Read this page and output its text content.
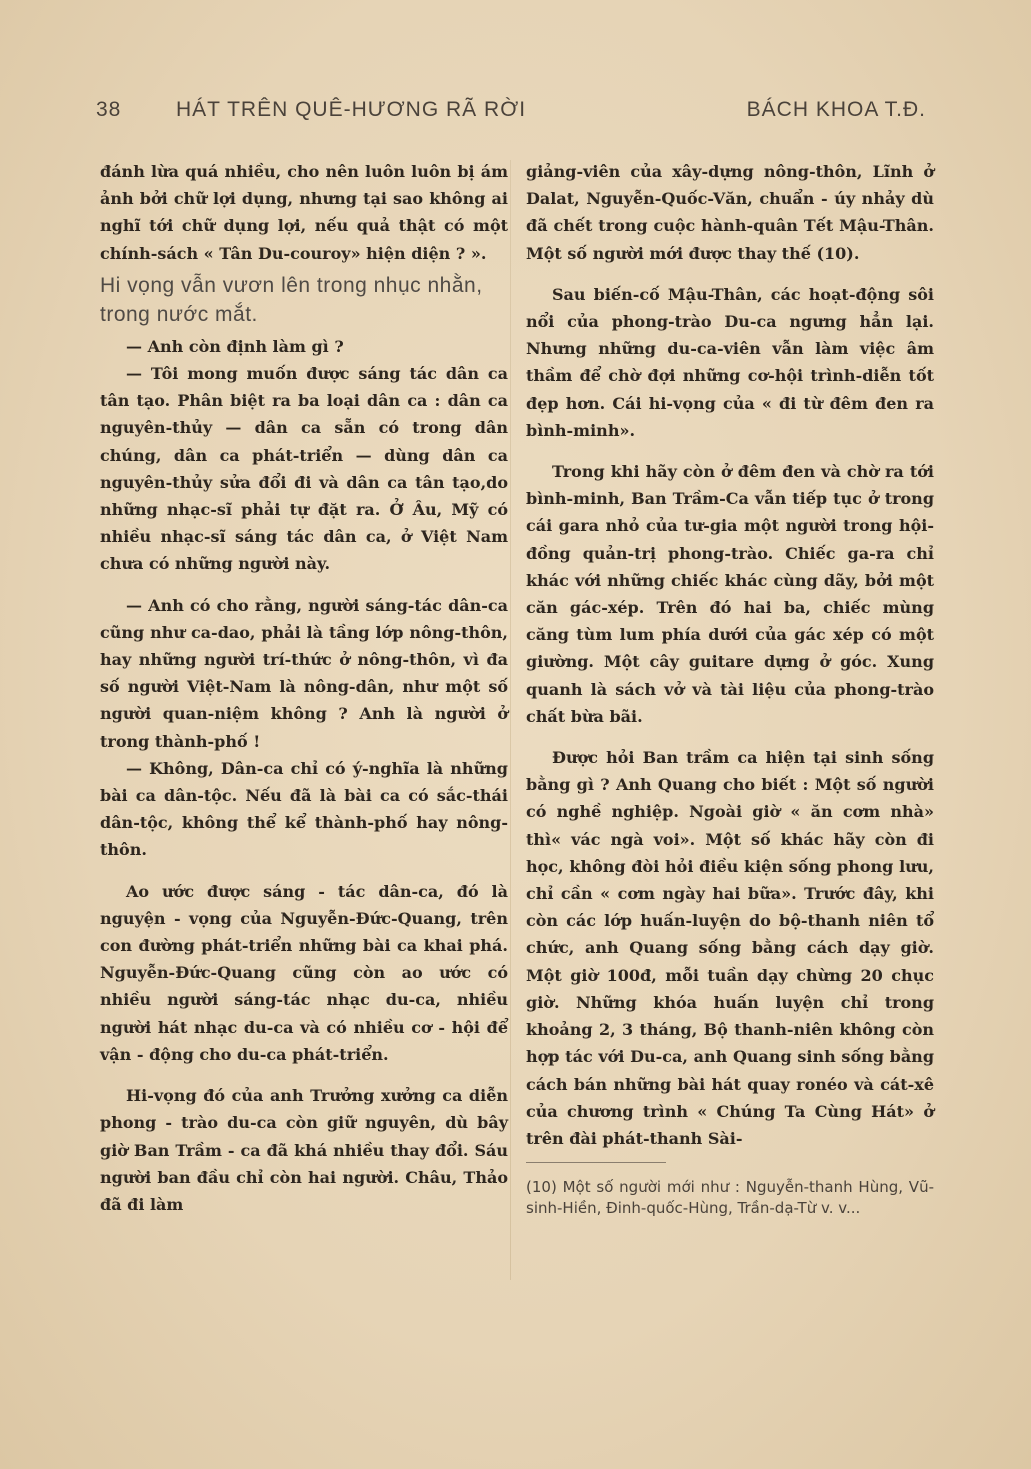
38	HÁT TRÊN QUÊ-HƯƠNG RÃ RỜI	BÁCH KHOA T.Đ.

đánh lừa quá nhiều, cho nên luôn luôn bị ám ảnh bởi chữ lợi dụng, nhưng tại sao không ai nghĩ tới chữ dụng lợi, nếu quả thật có một chính-sách « Tân Du-couroy» hiện diện ? ».

Hi vọng vẫn vươn lên trong nhục nhằn, trong nước mắt.

— Anh còn định làm gì ?

— Tôi mong muốn được sáng tác dân ca tân tạo. Phân biệt ra ba loại dân ca : dân ca nguyên-thủy — dân ca sẵn có trong dân chúng, dân ca phát-triển — dùng dân ca nguyên-thủy sửa đổi đi và dân ca tân tạo,do những nhạc-sĩ phải tự đặt ra. Ở Âu, Mỹ có nhiều nhạc-sĩ sáng tác dân ca, ở Việt Nam chưa có những người này.

— Anh có cho rằng, người sáng-tác dân-ca cũng như ca-dao, phải là tầng lớp nông-thôn, hay những người trí-thức ở nông-thôn, vì đa số người Việt-Nam là nông-dân, như một số người quan-niệm không ? Anh là người ở trong thành-phố !

— Không, Dân-ca chỉ có ý-nghĩa là những bài ca dân-tộc. Nếu đã là bài ca có sắc-thái dân-tộc, không thể kể thành-phố hay nông-thôn.

Ao ước được sáng - tác dân-ca, đó là nguyện - vọng của Nguyễn-Đức-Quang, trên con đường phát-triển những bài ca khai phá. Nguyễn-Đức-Quang cũng còn ao ước có nhiều người sáng-tác nhạc du-ca, nhiều người hát nhạc du-ca và có nhiều cơ - hội để vận - động cho du-ca phát-triển.

Hi-vọng đó của anh Trưởng xưởng ca diễn phong - trào du-ca còn giữ nguyên, dù bây giờ Ban Trầm - ca đã khá nhiều thay đổi. Sáu người ban đầu chỉ còn hai người. Châu, Thảo đã đi làm

giảng-viên của xây-dựng nông-thôn, Lĩnh ở Dalat, Nguyễn-Quốc-Văn, chuẩn - úy nhảy dù đã chết trong cuộc hành-quân Tết Mậu-Thân. Một số người mới được thay thế (10).

Sau biến-cố Mậu-Thân, các hoạt-động sôi nổi của phong-trào Du-ca ngưng hẳn lại. Nhưng những du-ca-viên vẫn làm việc âm thầm để chờ đợi những cơ-hội trình-diễn tốt đẹp hơn. Cái hi-vọng của « đi từ đêm đen ra bình-minh».

Trong khi hãy còn ở đêm đen và chờ ra tới bình-minh, Ban Trầm-Ca vẫn tiếp tục ở trong cái gara nhỏ của tư-gia một người trong hội-đồng quản-trị phong-trào. Chiếc ga-ra chỉ khác với những chiếc khác cùng dãy, bởi một căn gác-xép. Trên đó hai ba, chiếc mùng căng tùm lum phía dưới của gác xép có một giường. Một cây guitare dựng ở góc. Xung quanh là sách vở và tài liệu của phong-trào chất bừa bãi.

Được hỏi Ban trầm ca hiện tại sinh sống bằng gì ? Anh Quang cho biết : Một số người có nghề nghiệp. Ngoài giờ « ăn cơm nhà» thì« vác ngà voi». Một số khác hãy còn đi học, không đòi hỏi điều kiện sống phong lưu, chỉ cần « cơm ngày hai bữa». Trước đây, khi còn các lớp huấn-luyện do bộ-thanh niên tổ chức, anh Quang sống bằng cách dạy giờ. Một giờ 100đ, mỗi tuần dạy chừng 20 chục giờ. Những khóa huấn luyện chỉ trong khoảng 2, 3 tháng, Bộ thanh-niên không còn hợp tác với Du-ca, anh Quang sinh sống bằng cách bán những bài hát quay ronéo và cát-xê của chương trình « Chúng Ta Cùng Hát» ở trên đài phát-thanh Sài-

(10) Một số người mới như : Nguyễn-thanh Hùng, Vũ-sinh-Hiền, Đinh-quốc-Hùng, Trần-dạ-Từ v. v...
